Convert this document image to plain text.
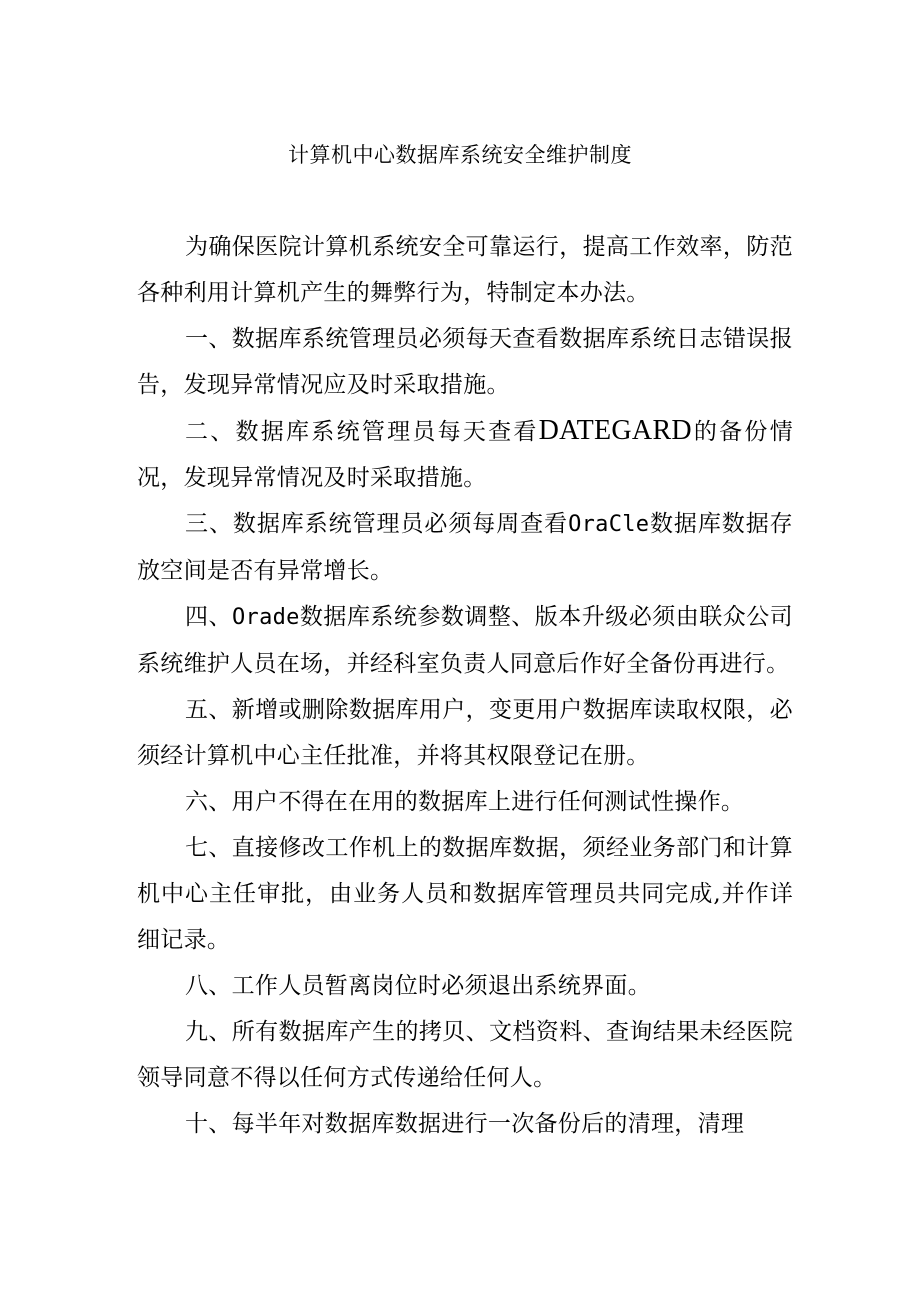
计算机中心数据库系统安全维护制度

为确保医院计算机系统安全可靠运行，提高工作效率，防范各种利用计算机产生的舞弊行为，特制定本办法。

一、数据库系统管理员必须每天查看数据库系统日志错误报告，发现异常情况应及时采取措施。

二、数据库系统管理员每天查看DATEGARD的备份情况，发现异常情况及时采取措施。

三、数据库系统管理员必须每周查看OraCle数据库数据存放空间是否有异常增长。

四、Orade数据库系统参数调整、版本升级必须由联众公司系统维护人员在场，并经科室负责人同意后作好全备份再进行。

五、新增或删除数据库用户，变更用户数据库读取权限，必须经计算机中心主任批准，并将其权限登记在册。

六、用户不得在在用的数据库上进行任何测试性操作。

七、直接修改工作机上的数据库数据，须经业务部门和计算机中心主任审批，由业务人员和数据库管理员共同完成,并作详细记录。

八、工作人员暂离岗位时必须退出系统界面。

九、所有数据库产生的拷贝、文档资料、查询结果未经医院领导同意不得以任何方式传递给任何人。

十、每半年对数据库数据进行一次备份后的清理，清理
